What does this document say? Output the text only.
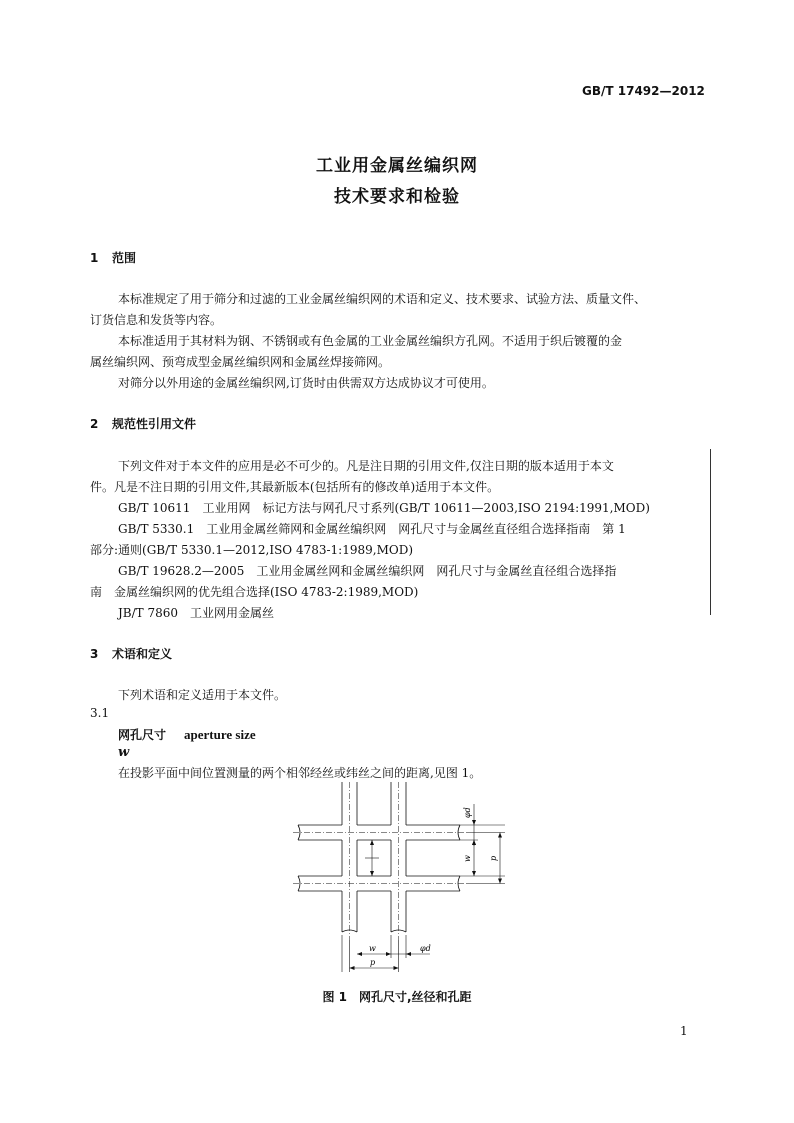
GB/T 17492—2012
工业用金属丝编织网
技术要求和检验
1 范围
本标准规定了用于筛分和过滤的工业金属丝编织网的术语和定义、技术要求、试验方法、质量文件、
订货信息和发货等内容。
本标准适用于其材料为钢、不锈钢或有色金属的工业金属丝编织方孔网。不适用于织后镀覆的金
属丝编织网、预弯成型金属丝编织网和金属丝焊接筛网。
对筛分以外用途的金属丝编织网,订货时由供需双方达成协议才可使用。
2 规范性引用文件
下列文件对于本文件的应用是必不可少的。凡是注日期的引用文件,仅注日期的版本适用于本文
件。凡是不注日期的引用文件,其最新版本(包括所有的修改单)适用于本文件。
GB/T 10611　工业用网　标记方法与网孔尺寸系列(GB/T 10611—2003,ISO 2194:1991,MOD)
GB/T 5330.1　工业用金属丝筛网和金属丝编织网　网孔尺寸与金属丝直径组合选择指南　第 1
部分:通则(GB/T 5330.1—2012,ISO 4783-1:1989,MOD)
GB/T 19628.2—2005　工业用金属丝网和金属丝编织网　网孔尺寸与金属丝直径组合选择指
南　金属丝编织网的优先组合选择(ISO 4783-2:1989,MOD)
JB/T 7860　工业网用金属丝
3 术语和定义
下列术语和定义适用于本文件。
3.1
网孔尺寸 aperture size
w
在投影平面中间位置测量的两个相邻经丝或纬丝之间的距离,见图 1。
φd
w p
w	φd
p
图 1　网孔尺寸,丝径和孔距
1
